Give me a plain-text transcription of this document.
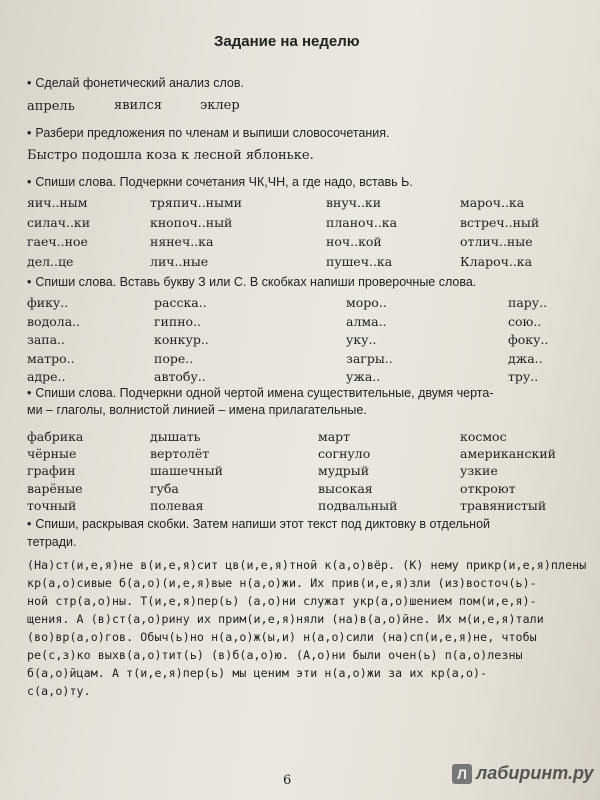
Задание на неделю
• Сделай фонетический анализ слов.
апрель	явился	эклер
• Разбери предложения по членам и выпиши словосочетания.
Быстро подошла коза к лесной яблоньке.
• Спиши слова. Подчеркни сочетания ЧК,ЧН, а где надо, вставь Ь.
яич..ным	тряпич..ными	внуч..ки	мароч..ка
силач..ки	кнопоч..ный	планоч..ка	встреч..ный
гаеч..ное	нянеч..ка	ноч..кой	отлич..ные
дел..це	лич..ные	пушеч..ка	Клароч..ка
• Спиши слова. Вставь букву З или С. В скобках напиши проверочные слова.
фику..	расска..	моро..	пару..
водола..	гипно..	алма..	сою..
запа..	конкур..	уку..	фоку..
матро..	поре..	загры..	джа..
адре..	автобу..	ужа..	тру..
• Спиши слова. Подчеркни одной чертой имена существительные, двумя черта-
ми – глаголы, волнистой линией – имена прилагательные.
фабрика	дышать	март	космос
чёрные	вертолёт	согнуло	американский
графин	шашечный	мудрый	узкие
варёные	губа	высокая	откроют
точный	полевая	подвальный	травянистый
• Спиши, раскрывая скобки. Затем напиши этот текст под диктовку в отдельной
тетради.
(На)ст(и,е,я)не в(и,е,я)сит цв(и,е,я)тной к(а,о)вёр. (К) нему прикр(и,е,я)плены
кр(а,о)сивые б(а,о)(и,е,я)вые н(а,о)жи. Их прив(и,е,я)зли (из)восточ(ь)-
ной стр(а,о)ны. Т(и,е,я)пер(ь) (а,о)ни служат укр(а,о)шением пом(и,е,я)-
щения. А (в)ст(а,о)рину их прим(и,е,я)няли (на)в(а,о)йне. Их м(и,е,я)тали
(во)вр(а,о)гов. Обыч(ь)но н(а,о)ж(ы,и) н(а,о)сили (на)сп(и,е,я)не, чтобы
ре(с,з)ко выхв(а,о)тит(ь) (в)б(а,о)ю. (А,о)ни были очен(ь) п(а,о)лезны
б(а,о)йцам. А т(и,е,я)пер(ь) мы ценим эти н(а,о)жи за их кр(а,о)-
с(а,о)ту.
6	Л лабиринт.ру
